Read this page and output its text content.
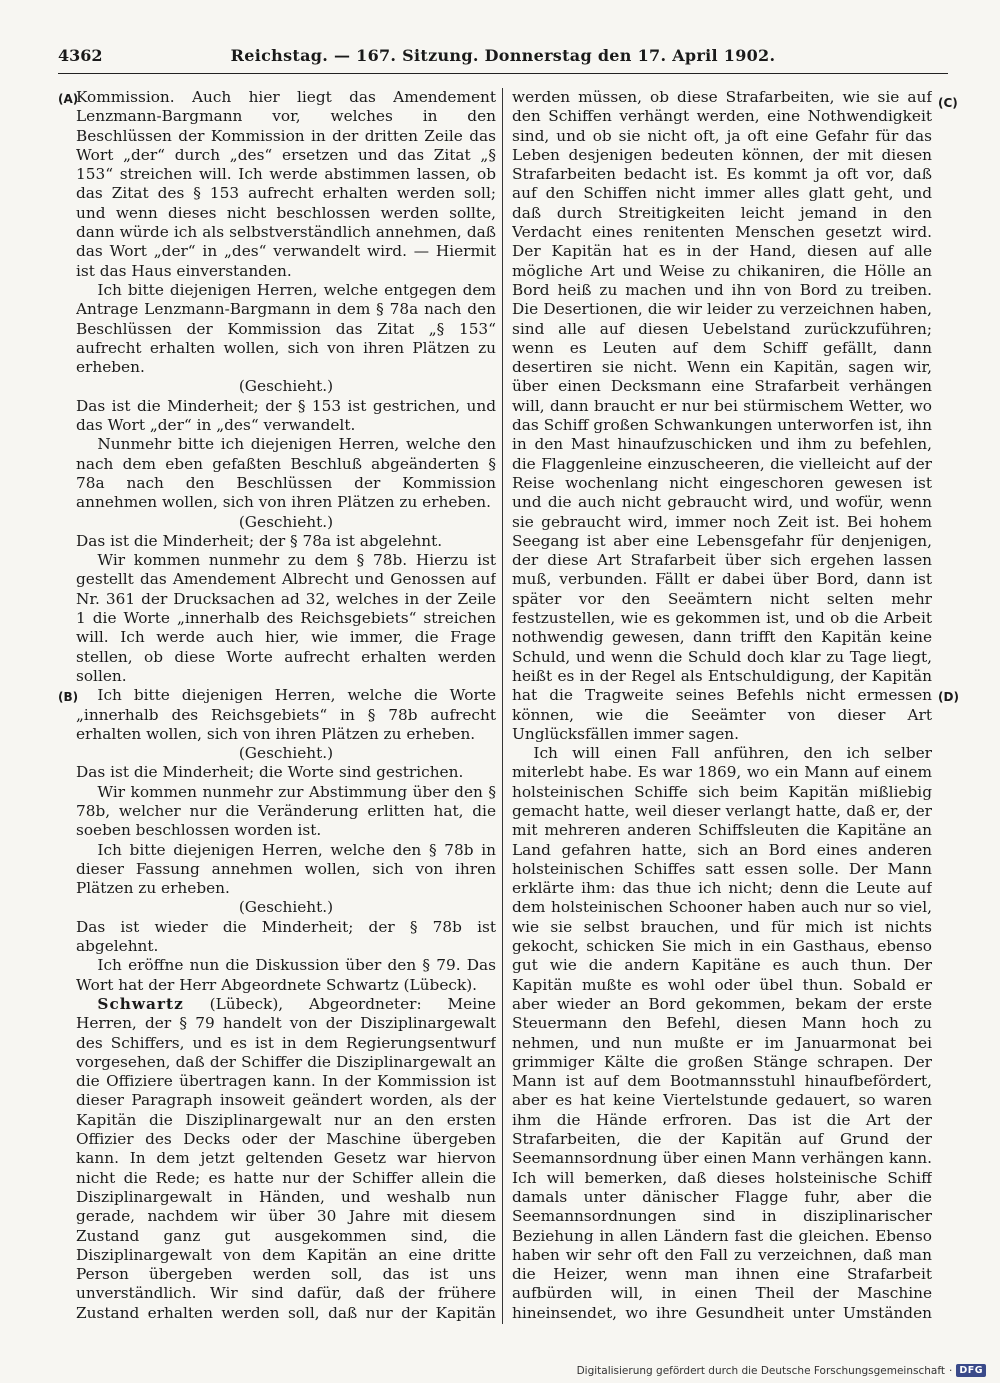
4362	Reichstag. — 167. Sitzung. Donnerstag den 17. April 1902.
(A)
(B)
(C)
(D)

Kommission. Auch hier liegt das Amendement Lenzmann-Bargmann vor, welches in den Beschlüssen der Kommission in der dritten Zeile das Wort „der“ durch „des“ ersetzen und das Zitat „§ 153“ streichen will. Ich werde abstimmen lassen, ob das Zitat des § 153 aufrecht erhalten werden soll; und wenn dieses nicht beschlossen werden sollte, dann würde ich als selbstverständlich annehmen, daß das Wort „der“ in „des“ verwandelt wird. — Hiermit ist das Haus einverstanden.

Ich bitte diejenigen Herren, welche entgegen dem Antrage Lenzmann-Bargmann in dem § 78a nach den Beschlüssen der Kommission das Zitat „§ 153“ aufrecht erhalten wollen, sich von ihren Plätzen zu erheben.

(Geschieht.)

Das ist die Minderheit; der § 153 ist gestrichen, und das Wort „der“ in „des“ verwandelt.

Nunmehr bitte ich diejenigen Herren, welche den nach dem eben gefaßten Beschluß abgeänderten § 78a nach den Beschlüssen der Kommission annehmen wollen, sich von ihren Plätzen zu erheben.

(Geschieht.)

Das ist die Minderheit; der § 78a ist abgelehnt.

Wir kommen nunmehr zu dem § 78b. Hierzu ist gestellt das Amendement Albrecht und Genossen auf Nr. 361 der Drucksachen ad 32, welches in der Zeile 1 die Worte „innerhalb des Reichsgebiets“ streichen will. Ich werde auch hier, wie immer, die Frage stellen, ob diese Worte aufrecht erhalten werden sollen.

Ich bitte diejenigen Herren, welche die Worte „innerhalb des Reichsgebiets“ in § 78b aufrecht erhalten wollen, sich von ihren Plätzen zu erheben.

(Geschieht.)

Das ist die Minderheit; die Worte sind gestrichen.

Wir kommen nunmehr zur Abstimmung über den § 78b, welcher nur die Veränderung erlitten hat, die soeben beschlossen worden ist.

Ich bitte diejenigen Herren, welche den § 78b in dieser Fassung annehmen wollen, sich von ihren Plätzen zu erheben.

(Geschieht.)

Das ist wieder die Minderheit; der § 78b ist abgelehnt.

Ich eröffne nun die Diskussion über den § 79. Das Wort hat der Herr Abgeordnete Schwartz (Lübeck).

Schwartz (Lübeck), Abgeordneter: Meine Herren, der § 79 handelt von der Disziplinargewalt des Schiffers, und es ist in dem Regierungsentwurf vorgesehen, daß der Schiffer die Disziplinargewalt an die Offiziere übertragen kann. In der Kommission ist dieser Paragraph insoweit geändert worden, als der Kapitän die Disziplinargewalt nur an den ersten Offizier des Decks oder der Maschine übergeben kann. In dem jetzt geltenden Gesetz war hiervon nicht die Rede; es hatte nur der Schiffer allein die Disziplinargewalt in Händen, und weshalb nun gerade, nachdem wir über 30 Jahre mit diesem Zustand ganz gut ausgekommen sind, die Disziplinargewalt von dem Kapitän an eine dritte Person übergeben werden soll, das ist uns unverständlich. Wir sind dafür, daß der frühere Zustand erhalten werden soll, daß nur der Kapitän

werden müssen, ob diese Strafarbeiten, wie sie auf den Schiffen verhängt werden, eine Nothwendigkeit sind, und ob sie nicht oft, ja oft eine Gefahr für das Leben desjenigen bedeuten können, der mit diesen Strafarbeiten bedacht ist. Es kommt ja oft vor, daß auf den Schiffen nicht immer alles glatt geht, und daß durch Streitigkeiten leicht jemand in den Verdacht eines renitenten Menschen gesetzt wird. Der Kapitän hat es in der Hand, diesen auf alle mögliche Art und Weise zu chikaniren, die Hölle an Bord heiß zu machen und ihn von Bord zu treiben. Die Desertionen, die wir leider zu verzeichnen haben, sind alle auf diesen Uebelstand zurückzuführen; wenn es Leuten auf dem Schiff gefällt, dann desertiren sie nicht. Wenn ein Kapitän, sagen wir, über einen Decksmann eine Strafarbeit verhängen will, dann braucht er nur bei stürmischem Wetter, wo das Schiff großen Schwankungen unterworfen ist, ihn in den Mast hinaufzuschicken und ihm zu befehlen, die Flaggenleine einzuscheeren, die vielleicht auf der Reise wochenlang nicht eingeschoren gewesen ist und die auch nicht gebraucht wird, und wofür, wenn sie gebraucht wird, immer noch Zeit ist. Bei hohem Seegang ist aber eine Lebensgefahr für denjenigen, der diese Art Strafarbeit über sich ergehen lassen muß, verbunden. Fällt er dabei über Bord, dann ist später vor den Seeämtern nicht selten mehr festzustellen, wie es gekommen ist, und ob die Arbeit nothwendig gewesen, dann trifft den Kapitän keine Schuld, und wenn die Schuld doch klar zu Tage liegt, heißt es in der Regel als Entschuldigung, der Kapitän hat die Tragweite seines Befehls nicht ermessen können, wie die Seeämter von dieser Art Unglücksfällen immer sagen.

Ich will einen Fall anführen, den ich selber miterlebt habe. Es war 1869, wo ein Mann auf einem holsteinischen Schiffe sich beim Kapitän mißliebig gemacht hatte, weil dieser verlangt hatte, daß er, der mit mehreren anderen Schiffsleuten die Kapitäne an Land gefahren hatte, sich an Bord eines anderen holsteinischen Schiffes satt essen solle. Der Mann erklärte ihm: das thue ich nicht; denn die Leute auf dem holsteinischen Schooner haben auch nur so viel, wie sie selbst brauchen, und für mich ist nichts gekocht, schicken Sie mich in ein Gasthaus, ebenso gut wie die andern Kapitäne es auch thun. Der Kapitän mußte es wohl oder übel thun. Sobald er aber wieder an Bord gekommen, bekam der erste Steuermann den Befehl, diesen Mann hoch zu nehmen, und nun mußte er im Januarmonat bei grimmiger Kälte die großen Stänge schrapen. Der Mann ist auf dem Bootmannsstuhl hinaufbefördert, aber es hat keine Viertelstunde gedauert, so waren ihm die Hände erfroren. Das ist die Art der Strafarbeiten, die der Kapitän auf Grund der Seemannsordnung über einen Mann verhängen kann. Ich will bemerken, daß dieses holsteinische Schiff damals unter dänischer Flagge fuhr, aber die Seemannsordnungen sind in disziplinarischer Beziehung in allen Ländern fast die gleichen. Ebenso haben wir sehr oft den Fall zu verzeichnen, daß man die Heizer, wenn man ihnen eine Strafarbeit aufbürden will, in einen Theil der Maschine hineinsendet, wo ihre Gesundheit unter Umständen

Digitalisierung gefördert durch die Deutsche Forschungsgemeinschaft · DFG
